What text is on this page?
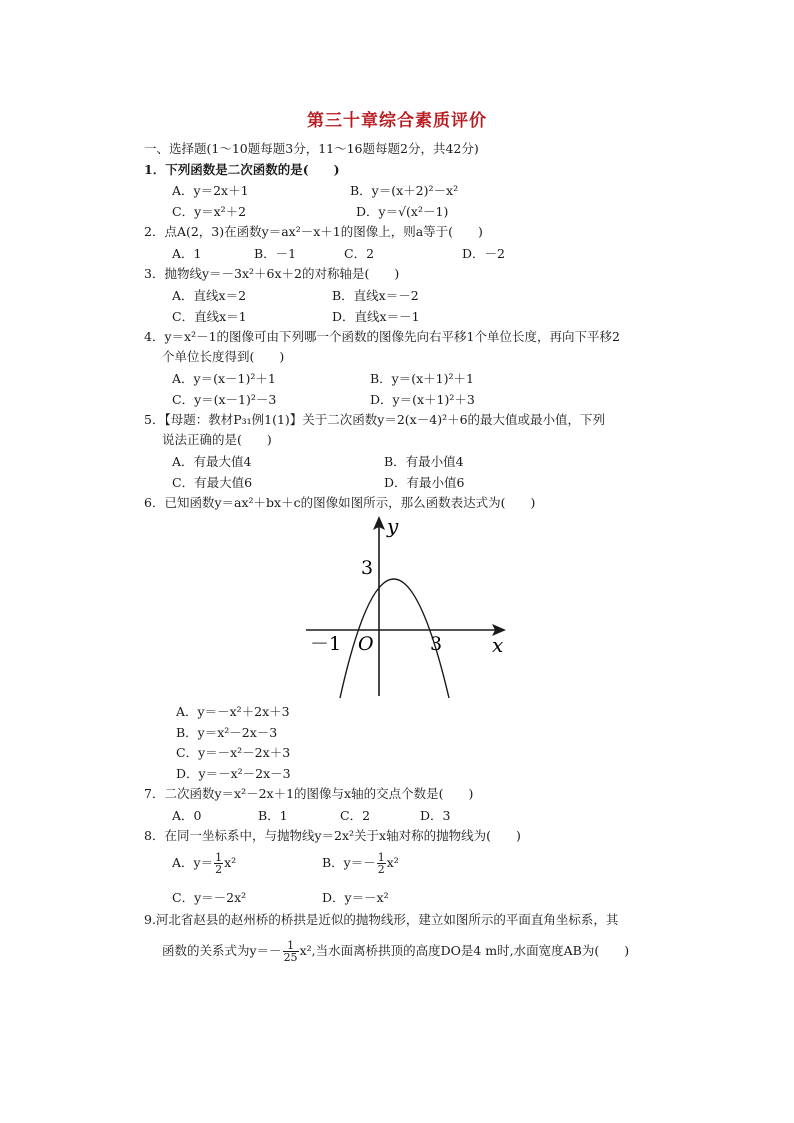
第三十章综合素质评价
一、选择题(1～10题每题3分，11～16题每题2分，共42分)
1．下列函数是二次函数的是(　　)
A．y＝2x＋1	B．y＝(x＋2)²－x²
C．y＝x²＋2	D．y＝√(x²－1)
2．点A(2，3)在函数y＝ax²－x＋1的图像上，则a等于(　　)
A．1	B．－1	C．2	D．－2
3．抛物线y＝－3x²＋6x＋2的对称轴是(　　)
A．直线x＝2	B．直线x＝－2
C．直线x＝1	D．直线x＝－1
4．y＝x²－1的图像可由下列哪一个函数的图像先向右平移1个单位长度，再向下平移2
个单位长度得到(　　)
A．y＝(x－1)²＋1	B．y＝(x＋1)²＋1
C．y＝(x－1)²－3	D．y＝(x＋1)²＋3
5．【母题：教材P₃₁例1(1)】关于二次函数y＝2(x－4)²＋6的最大值或最小值，下列
说法正确的是(　　)
A．有最大值4	B．有最小值4
C．有最大值6	D．有最小值6
6．已知函数y＝ax²＋bx＋c的图像如图所示，那么函数表达式为(　　)
y
x
3
－1 O	3
A．y＝－x²＋2x＋3
B．y＝x²－2x－3
C．y＝－x²－2x＋3
D．y＝－x²－2x－3
7．二次函数y＝x²－2x＋1的图像与x轴的交点个数是(　　)
A．0	B．1	C．2	D．3
8．在同一坐标系中，与抛物线y＝2x²关于x轴对称的抛物线为(　　)
A．$y= \frac{1}{2} x^2$	B．$y=- \frac{1}{2} x^2$
C．y＝－2x²	D．y＝－x²
9.河北省赵县的赵州桥的桥拱是近似的抛物线形，建立如图所示的平面直角坐标系，其
函数的关系式为$y=- \frac{1}{25} x^2$,当水面离桥拱顶的高度DO是4 m时,水面宽度AB为(　　)
